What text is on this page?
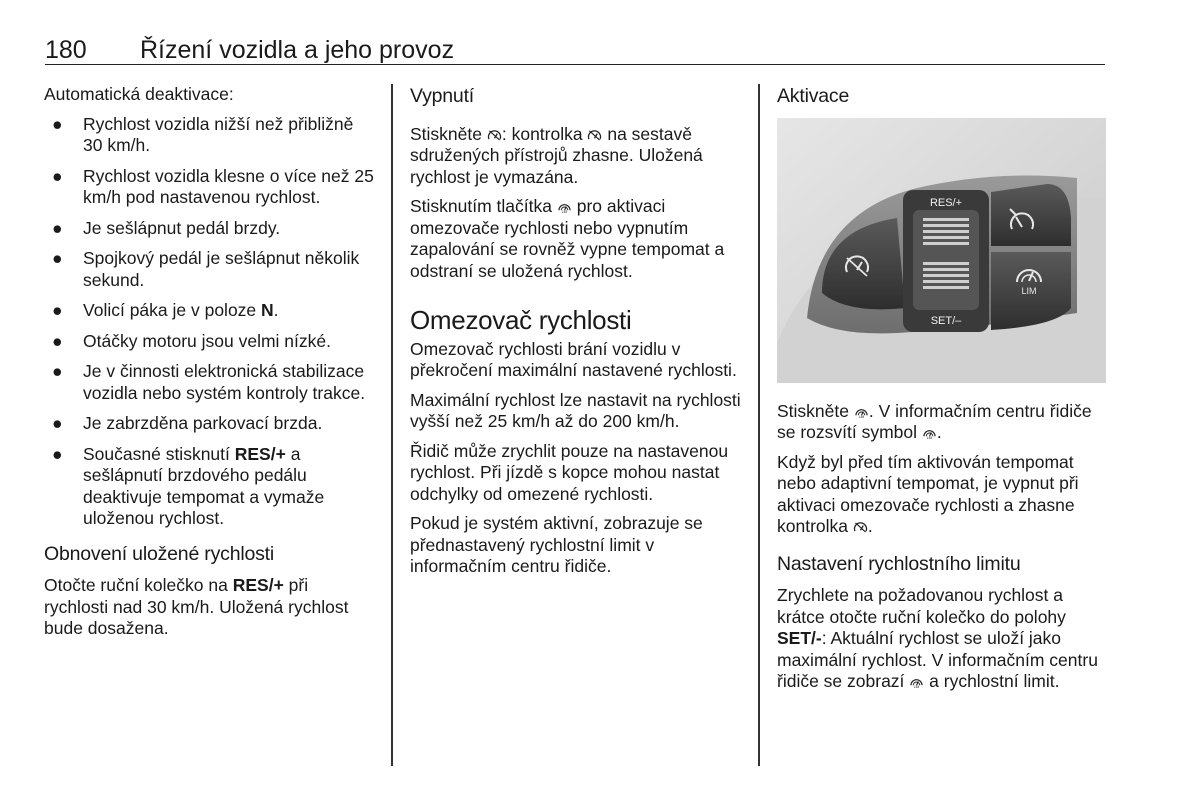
180 Řízení vozidla a jeho provoz

Automatická deaktivace:

● Rychlost vozidla nižší než přibližně 30 km/h.
● Rychlost vozidla klesne o více než 25 km/h pod nastavenou rychlost.
● Je sešlápnut pedál brzdy.
● Spojkový pedál je sešlápnut několik sekund.
● Volicí páka je v poloze N.
● Otáčky motoru jsou velmi nízké.
● Je v činnosti elektronická stabilizace vozidla nebo systém kontroly trakce.
● Je zabrzděna parkovací brzda.
● Současné stisknutí RES/+ a sešlápnutí brzdového pedálu deaktivuje tempomat a vymaže uloženou rychlost.
Obnovení uložené rychlosti

Otočte ruční kolečko na RES/+ při rychlosti nad 30 km/h. Uložená rychlost bude dosažena.

Vypnutí

Stiskněte : kontrolka  na sestavě sdružených přístrojů zhasne. Uložená rychlost je vymazána.

Stisknutím tlačítka  pro aktivaci omezovače rychlosti nebo vypnutím zapalování se rovněž vypne tempomat a odstraní se uložená rychlost.

Omezovač rychlosti

Omezovač rychlosti brání vozidlu v překročení maximální nastavené rychlosti.

Maximální rychlost lze nastavit na rychlosti vyšší než 25 km/h až do 200 km/h.

Řidič může zrychlit pouze na nastavenou rychlost. Při jízdě s kopce mohou nastat odchylky od omezené rychlosti.

Pokud je systém aktivní, zobrazuje se přednastavený rychlostní limit v informačním centru řidiče.

Aktivace
RES/+
SET/–
LIM

Stiskněte . V informačním centru řidiče se rozsvítí symbol .

Když byl před tím aktivován tempomat nebo adaptivní tempomat, je vypnut při aktivaci omezovače rychlosti a zhasne kontrolka .

Nastavení rychlostního limitu

Zrychlete na požadovanou rychlost a krátce otočte ruční kolečko do polohy SET/-: Aktuální rychlost se uloží jako maximální rychlost. V informačním centru řidiče se zobrazí  a rychlostní limit.
